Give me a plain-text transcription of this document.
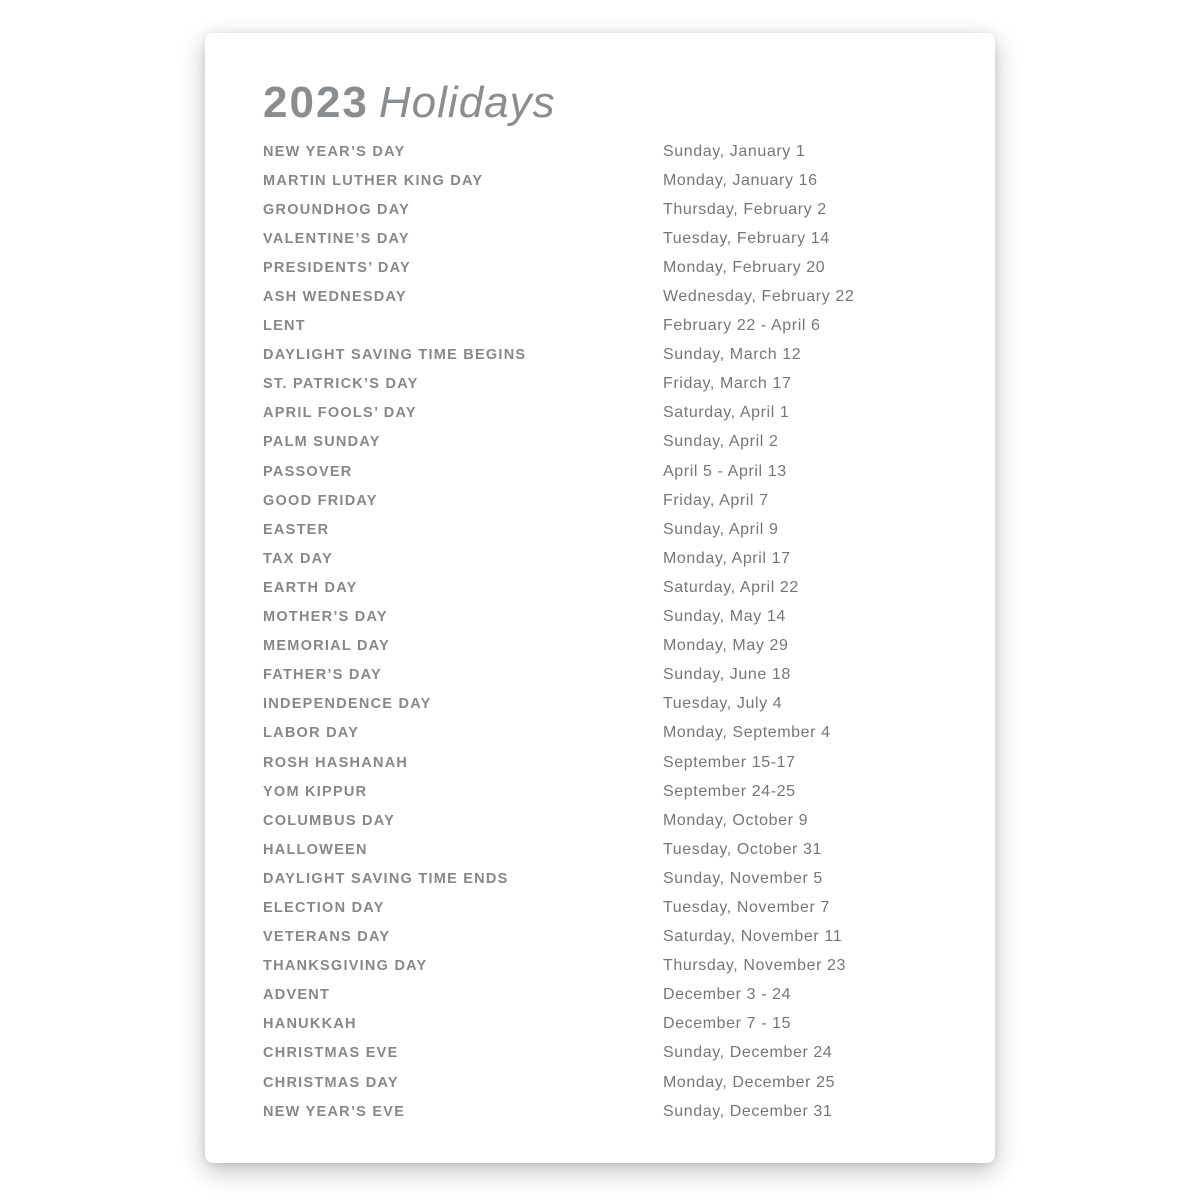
2023 Holidays
NEW YEAR’S DAY	Sunday, January 1
MARTIN LUTHER KING DAY	Monday, January 16
GROUNDHOG DAY	Thursday, February 2
VALENTINE’S DAY	Tuesday, February 14
PRESIDENTS’ DAY	Monday, February 20
ASH WEDNESDAY	Wednesday, February 22
LENT	February 22 - April 6
DAYLIGHT SAVING TIME BEGINS	Sunday, March 12
ST. PATRICK’S DAY	Friday, March 17
APRIL FOOLS’ DAY	Saturday, April 1
PALM SUNDAY	Sunday, April 2
PASSOVER	April 5 - April 13
GOOD FRIDAY	Friday, April 7
EASTER	Sunday, April 9
TAX DAY	Monday, April 17
EARTH DAY	Saturday, April 22
MOTHER’S DAY	Sunday, May 14
MEMORIAL DAY	Monday, May 29
FATHER’S DAY	Sunday, June 18
INDEPENDENCE DAY	Tuesday, July 4
LABOR DAY	Monday, September 4
ROSH HASHANAH	September 15-17
YOM KIPPUR	September 24-25
COLUMBUS DAY	Monday, October 9
HALLOWEEN	Tuesday, October 31
DAYLIGHT SAVING TIME ENDS	Sunday, November 5
ELECTION DAY	Tuesday, November 7
VETERANS DAY	Saturday, November 11
THANKSGIVING DAY	Thursday, November 23
ADVENT	December 3 - 24
HANUKKAH	December 7 - 15
CHRISTMAS EVE	Sunday, December 24
CHRISTMAS DAY	Monday, December 25
NEW YEAR’S EVE	Sunday, December 31
